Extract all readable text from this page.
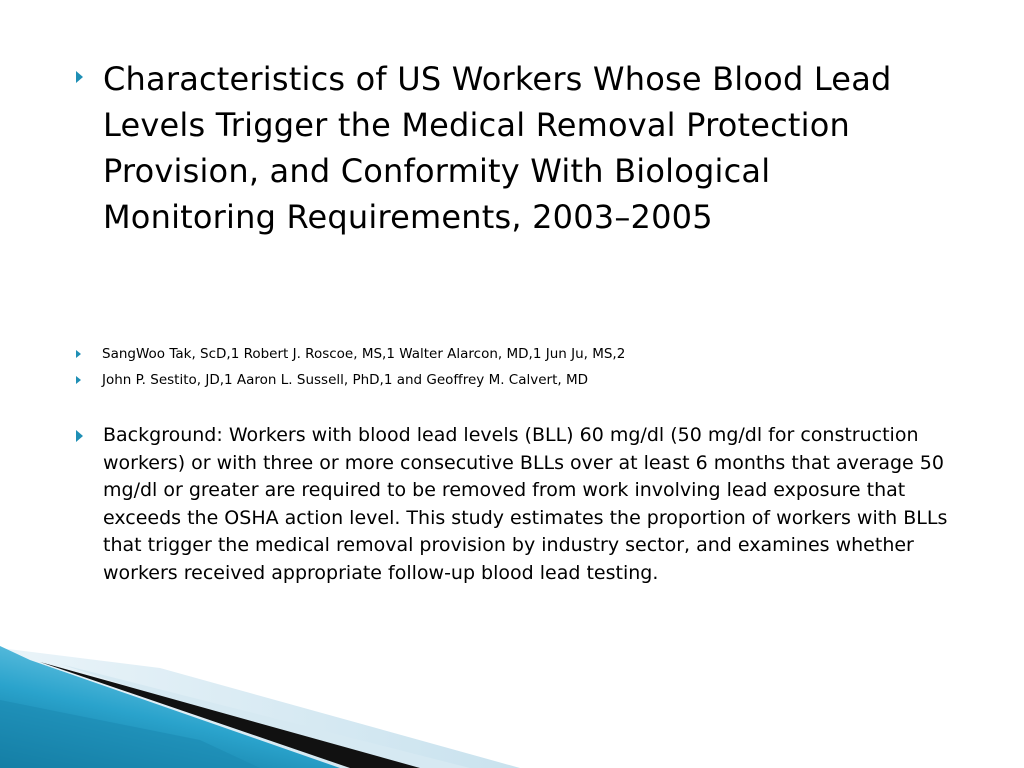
Characteristics of US Workers Whose Blood Lead Levels Trigger the Medical Removal Protection Provision, and Conformity With Biological Monitoring Requirements, 2003–2005
SangWoo Tak, ScD,1 Robert J. Roscoe, MS,1 Walter Alarcon, MD,1 Jun Ju, MS,2
John P. Sestito, JD,1 Aaron L. Sussell, PhD,1 and Geoffrey M. Calvert, MD
Background: Workers with blood lead levels (BLL) 60 mg/dl (50 mg/dl for construction workers) or with three or more consecutive BLLs over at least 6 months that average 50 mg/dl or greater are required to be removed from work involving lead exposure that exceeds the OSHA action level. This study estimates the proportion of workers with BLLs that trigger the medical removal provision by industry sector, and examines whether workers received appropriate follow-up blood lead testing.
